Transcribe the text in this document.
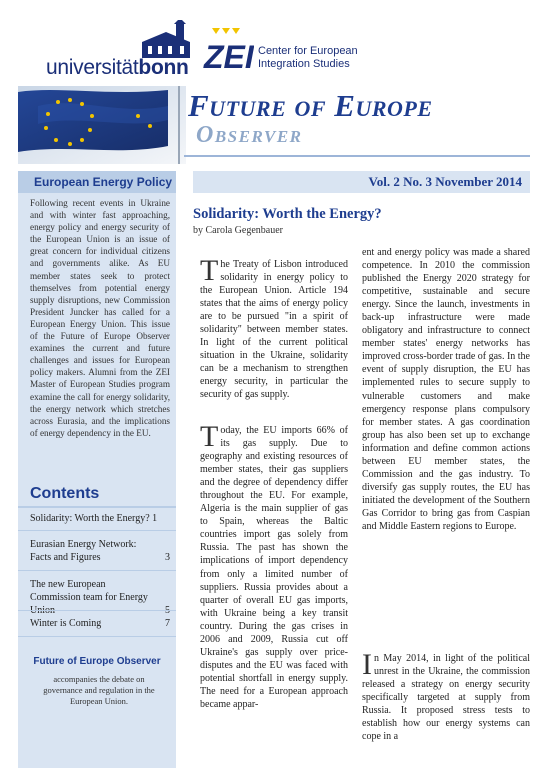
universitätbonn ZEI Center for European
Integration Studies
Future of Europe
Observer
European Energy Policy
Following recent events in Ukraine and with winter fast approaching, energy policy and energy security of the European Union is an issue of great concern for individual citizens and governments alike. As EU member states seek to protect themselves from potential energy supply disruptions, new Commission President Juncker has called for a European Energy Union. This issue of the Future of Europe Observer examines the current and future challenges and issues for European policy makers. Alumni from the ZEI Master of European Studies program examine the call for energy solidarity, the energy network which stretches across Eurasia, and the implications of energy dependency in the EU.
Contents
Solidarity: Worth the Energy? 1
Eurasian Energy Network: Facts and Figures	3
The new European Commission team for Energy
Winter is Coming	7
Future of Europe Observer
accompanies the debate on governance and regulation in the European Union.
Vol. 2 No. 3 November 2014
Solidarity: Worth the Energy?
by Carola Gegenbauer
The Treaty of Lisbon introduced solidarity in energy policy to the European Union. Article 194 states that the aims of energy policy are to be pursued "in a spirit of solidarity" between member states. In light of the current political situation in the Ukraine, solidarity can be a mechanism to strengthen energy security, in particular the security of gas supply.
Today, the EU imports 66% of its gas supply. Due to geography and existing resources of member states, their gas suppliers and the degree of dependency differ throughout the EU. For example, Algeria is the main supplier of gas to Spain, whereas the Baltic countries import gas solely from Russia. The past has shown the implications of import dependency from only a limited number of suppliers. Russia provides about a quarter of overall EU gas imports, with Ukraine being a key transit country. During the gas crises in 2006 and 2009, Russia cut off Ukraine's gas supply over price-disputes and the EU was faced with potential shortfall in energy supply. The need for a European approach became appar-
ent and energy policy was made a shared competence. In 2010 the commission published the Energy 2020 strategy for competitive, sustainable and secure energy. Since the launch, investments in back-up infrastructure were made obligatory and infrastructure to connect member states' energy networks has improved cross-border trade of gas. In the event of supply disruption, the EU has implemented rules to secure supply to vulnerable customers and make emergency response plans compulsory for member states. A gas coordination group has also been set up to exchange information and define common actions between EU member states, the Commission and the gas industry. To diversify gas supply routes, the EU has initiated the development of the Southern Gas Corridor to bring gas from Caspian and Middle Eastern regions to Europe.
In May 2014, in light of the political unrest in the Ukraine, the commission released a strategy on energy security specifically targeted at supply from Russia. It proposed stress tests to establish how our energy systems can cope in a
